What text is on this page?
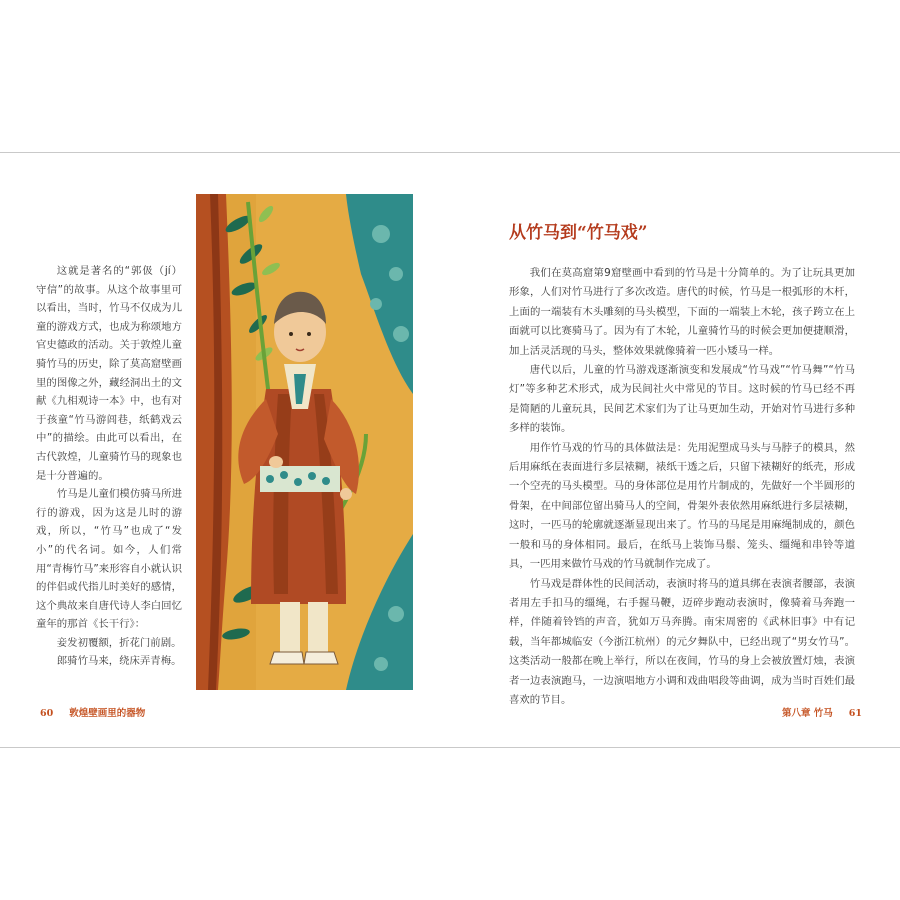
这就是著名的“郭伋（jí）守信”的故事。从这个故事里可以看出，当时，竹马不仅成为儿童的游戏方式，也成为称颂地方官史德政的活动。关于敦煌儿童骑竹马的历史，除了莫高窟壁画里的图像之外，藏经洞出土的文献《九相观诗一本》中，也有对于孩童“竹马游闾巷，纸鹤戏云中”的描绘。由此可以看出，在古代敦煌，儿童骑竹马的现象也是十分普遍的。

竹马是儿童们模仿骑马所进行的游戏，因为这是儿时的游戏，所以，“竹马”也成了“发小”的代名词。如今，人们常用“青梅竹马”来形容自小就认识的伴侣或代指儿时美好的感情，这个典故来自唐代诗人李白回忆童年的那首《长干行》：

妾发初覆额，折花门前剧。

郎骑竹马来，绕床弄青梅。

从竹马到“竹马戏”

我们在莫高窟第9窟壁画中看到的竹马是十分简单的。为了让玩具更加形象，人们对竹马进行了多次改造。唐代的时候，竹马是一根弧形的木杆，上面的一端装有木头雕刻的马头模型，下面的一端装上木轮，孩子跨立在上面就可以比赛骑马了。因为有了木轮，儿童骑竹马的时候会更加便捷顺滑，加上活灵活现的马头，整体效果就像骑着一匹小矮马一样。

唐代以后，儿童的竹马游戏逐渐演变和发展成“竹马戏”“竹马舞”“竹马灯”等多种艺术形式，成为民间社火中常见的节目。这时候的竹马已经不再是简陋的儿童玩具，民间艺术家们为了让马更加生动，开始对竹马进行多种多样的装饰。

用作竹马戏的竹马的具体做法是：先用泥塑成马头与马脖子的模具，然后用麻纸在表面进行多层裱糊，裱纸干透之后，只留下裱糊好的纸壳，形成一个空壳的马头模型。马的身体部位是用竹片制成的，先做好一个半圆形的骨架，在中间部位留出骑马人的空间，骨架外表依然用麻纸进行多层裱糊，这时，一匹马的轮廓就逐渐显现出来了。竹马的马尾是用麻绳制成的，颜色一般和马的身体相同。最后，在纸马上装饰马鬃、笼头、缰绳和串铃等道具，一匹用来做竹马戏的竹马就制作完成了。

竹马戏是群体性的民间活动，表演时将马的道具绑在表演者腰部，表演者用左手扣马的缰绳，右手握马鞭，迈碎步跑动表演时，像骑着马奔跑一样，伴随着铃铛的声音，犹如万马奔腾。南宋周密的《武林旧事》中有记载，当年都城临安（今浙江杭州）的元夕舞队中，已经出现了“男女竹马”。这类活动一般都在晚上举行，所以在夜间，竹马的身上会被放置灯烛，表演者一边表演跑马，一边演唱地方小调和戏曲唱段等曲调，成为当时百姓们最喜欢的节目。

60 敦煌壁画里的器物	第八章 竹马 61
